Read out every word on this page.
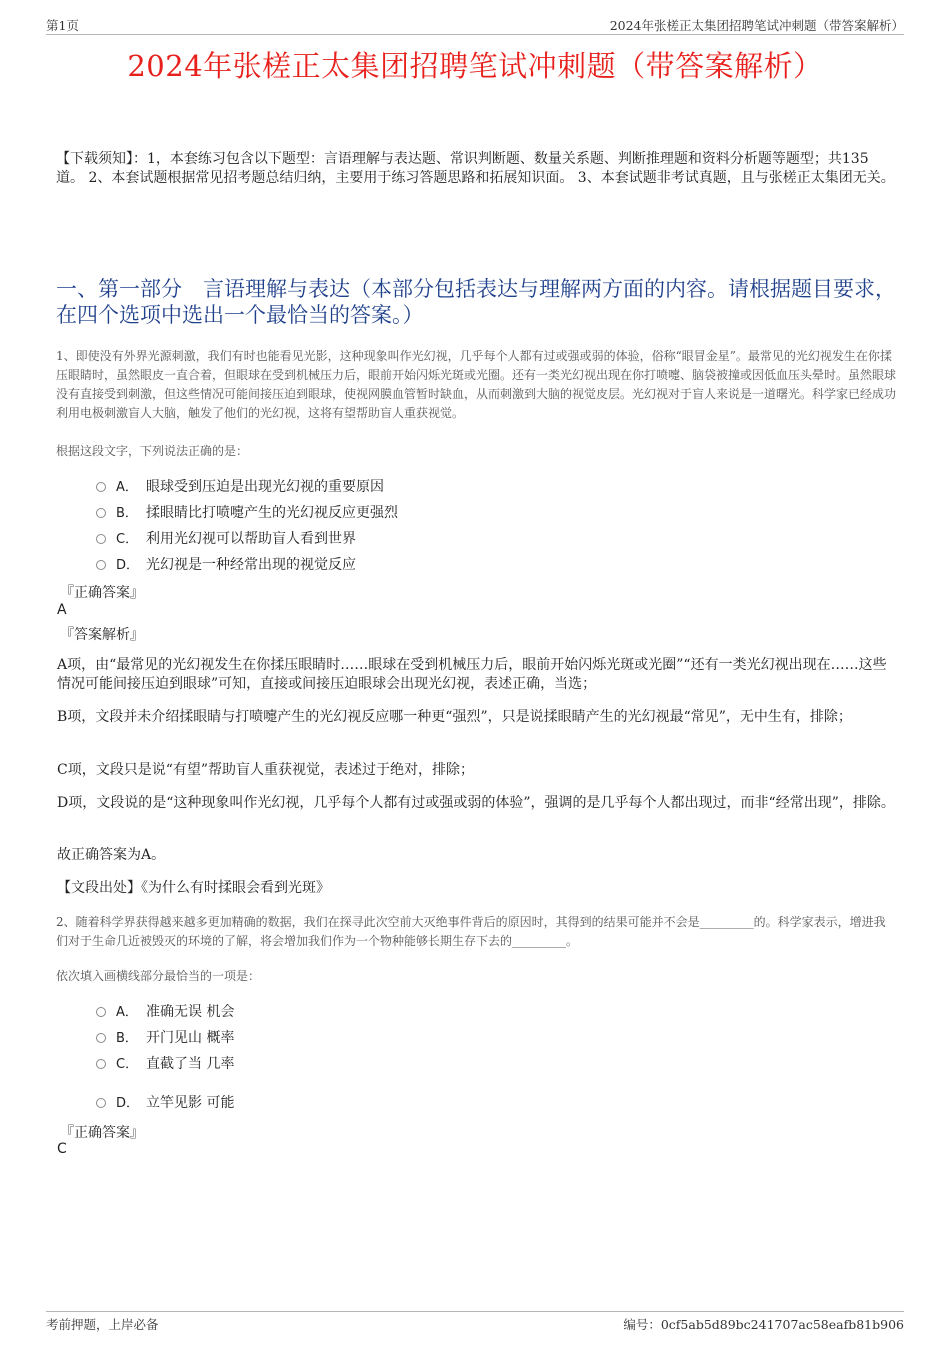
第1页	2024年张槎正太集团招聘笔试冲刺题（带答案解析）
2024年张槎正太集团招聘笔试冲刺题（带答案解析）
【下载须知】：1，本套练习包含以下题型：言语理解与表达题、常识判断题、数量关系题、判断推理题和资料分析题等题型；共135道。 2、本套试题根据常见招考题总结归纳，主要用于练习答题思路和拓展知识面。 3、本套试题非考试真题，且与张槎正太集团无关。
一、第一部分　言语理解与表达（本部分包括表达与理解两方面的内容。请根据题目要求，在四个选项中选出一个最恰当的答案。）
1、即使没有外界光源刺激，我们有时也能看见光影，这种现象叫作光幻视，几乎每个人都有过或强或弱的体验，俗称“眼冒金星”。最常见的光幻视发生在你揉压眼睛时，虽然眼皮一直合着，但眼球在受到机械压力后，眼前开始闪烁光斑或光圈。还有一类光幻视出现在你打喷嚏、脑袋被撞或因低血压头晕时。虽然眼球没有直接受到刺激，但这些情况可能间接压迫到眼球，使视网膜血管暂时缺血，从而刺激到大脑的视觉皮层。光幻视对于盲人来说是一道曙光。科学家已经成功利用电极刺激盲人大脑，触发了他们的光幻视，这将有望帮助盲人重获视觉。
根据这段文字，下列说法正确的是：
A． 眼球受到压迫是出现光幻视的重要原因
B． 揉眼睛比打喷嚏产生的光幻视反应更强烈
C． 利用光幻视可以帮助盲人看到世界
D． 光幻视是一种经常出现的视觉反应
『正确答案』
A
『答案解析』
A项，由“最常见的光幻视发生在你揉压眼睛时……眼球在受到机械压力后，眼前开始闪烁光斑或光圈”“还有一类光幻视出现在……这些情况可能间接压迫到眼球”可知，直接或间接压迫眼球会出现光幻视，表述正确，当选；
B项，文段并未介绍揉眼睛与打喷嚏产生的光幻视反应哪一种更“强烈”，只是说揉眼睛产生的光幻视最“常见”，无中生有，排除；
C项，文段只是说“有望”帮助盲人重获视觉，表述过于绝对，排除；
D项，文段说的是“这种现象叫作光幻视，几乎每个人都有过或强或弱的体验”，强调的是几乎每个人都出现过，而非“经常出现”，排除。
故正确答案为A。
【文段出处】《为什么有时揉眼会看到光斑》
2、随着科学界获得越来越多更加精确的数据，我们在探寻此次空前大灭绝事件背后的原因时，其得到的结果可能并不会是_________的。科学家表示，增进我们对于生命几近被毁灭的环境的了解，将会增加我们作为一个物种能够长期生存下去的_________。
依次填入画横线部分最恰当的一项是：
A． 准确无误 机会
B． 开门见山 概率
C． 直截了当 几率
D． 立竿见影 可能
『正确答案』
C
考前押题，上岸必备	编号：0cf5ab5d89bc241707ac58eafb81b906
